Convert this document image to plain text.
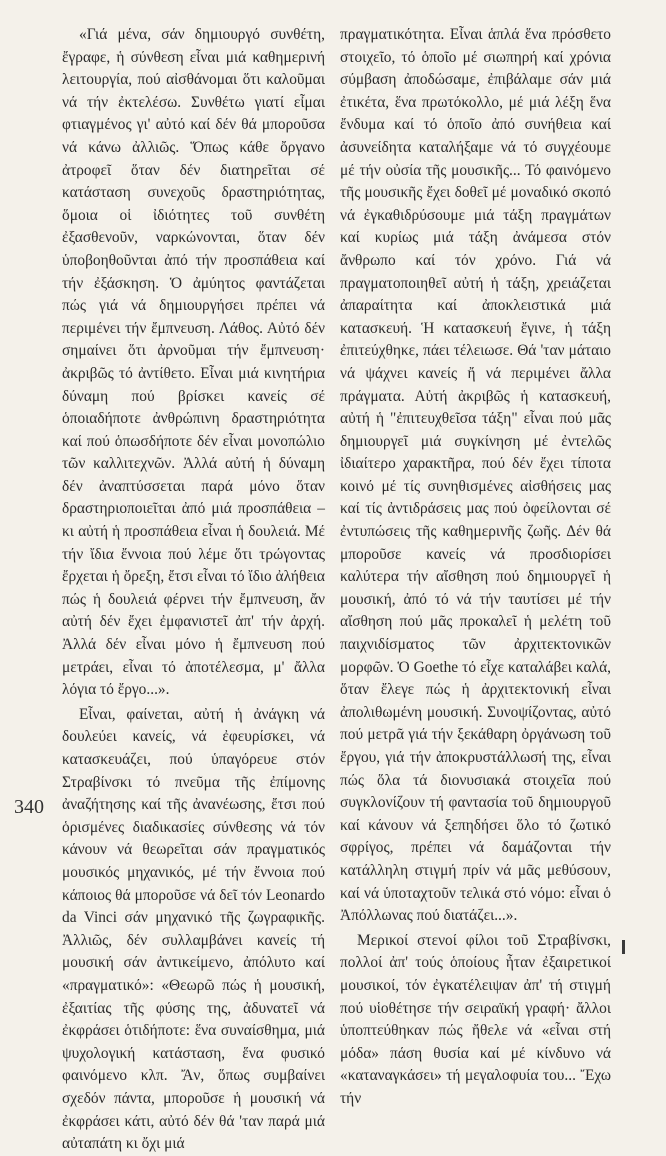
«Γιά μένα, σάν δημιουργό συνθέτη, ἔγραφε, ἡ σύνθεση εἶναι μιά καθημερινή λειτουργία, πού αἰσθάνομαι ὅτι καλοῦμαι νά τήν ἐκτελέσω. Συνθέτω γιατί εἶμαι φτιαγμένος γι' αὐτό καί δέν θά μποροῦσα νά κάνω ἀλλιῶς. Ὅπως κάθε ὄργανο ἀτροφεῖ ὅταν δέν διατηρεῖται σέ κατάσταση συνεχοῦς δραστηριότητας, ὅμοια οἱ ἰδιότητες τοῦ συνθέτη ἐξασθενοῦν, ναρκώνονται, ὅταν δέν ὑποβοηθοῦνται ἀπό τήν προσπάθεια καί τήν ἐξάσκηση. Ὁ ἀμύητος φαντάζεται πώς γιά νά δημιουργήσει πρέπει νά περιμένει τήν ἔμπνευση. Λάθος. Αὐτό δέν σημαίνει ὅτι ἀρνοῦμαι τήν ἔμπνευση· ἀκριβῶς τό ἀντίθετο. Εἶναι μιά κινητήρια δύναμη πού βρίσκει κανείς σέ ὁποιαδήποτε ἀνθρώπινη δραστηριότητα καί πού ὁπωσδήποτε δέν εἶναι μονοπώλιο τῶν καλλιτεχνῶν. Ἀλλά αὐτή ἡ δύναμη δέν ἀναπτύσσεται παρά μόνο ὅταν δραστηριοποιεῖται ἀπό μιά προσπάθεια – κι αὐτή ἡ προσπάθεια εἶναι ἡ δουλειά. Μέ τήν ἴδια ἔννοια πού λέμε ὅτι τρώγοντας ἔρχεται ἡ ὄρεξη, ἔτσι εἶναι τό ἴδιο ἀλήθεια πώς ἡ δουλειά φέρνει τήν ἔμπνευση, ἄν αὐτή δέν ἔχει ἐμφανιστεῖ ἀπ' τήν ἀρχή. Ἀλλά δέν εἶναι μόνο ἡ ἔμπνευση πού μετράει, εἶναι τό ἀποτέλεσμα, μ' ἄλλα λόγια τό ἔργο...».

Εἶναι, φαίνεται, αὐτή ἡ ἀνάγκη νά δουλεύει κανείς, νά ἐφευρίσκει, νά κατασκευάζει, πού ὑπαγόρευε στόν Στραβίνσκι τό πνεῦμα τῆς ἐπίμονης ἀναζήτησης καί τῆς ἀνανέωσης, ἔτσι πού ὁρισμένες διαδικασίες σύνθεσης νά τόν κάνουν νά θεωρεῖται σάν πραγματικός μουσικός μηχανικός, μέ τήν ἔννοια πού κάποιος θά μποροῦσε νά δεῖ τόν Leonardo da Vinci σάν μηχανικό τῆς ζωγραφικῆς. Ἀλλιῶς, δέν συλλαμβάνει κανείς τή μουσική σάν ἀντικείμενο, ἀπόλυτο καί «πραγματικό»: «Θεωρῶ πώς ἡ μουσική, ἐξαιτίας τῆς φύσης της, ἀδυνατεῖ νά ἐκφράσει ὁτιδήποτε: ἕνα συναίσθημα, μιά ψυχολογική κατάσταση, ἕνα φυσικό φαινόμενο κλπ. Ἄν, ὅπως συμβαίνει σχεδόν πάντα, μποροῦσε ἡ μουσική νά ἐκφράσει κάτι, αὐτό δέν θά 'ταν παρά μιά αὐταπάτη κι ὄχι μιά

πραγματικότητα. Εἶναι ἁπλά ἕνα πρόσθετο στοιχεῖο, τό ὁποῖο μέ σιωπηρή καί χρόνια σύμβαση ἀποδώσαμε, ἐπιβάλαμε σάν μιά ἐτικέτα, ἕνα πρωτόκολλο, μέ μιά λέξη ἕνα ἔνδυμα καί τό ὁποῖο ἀπό συνήθεια καί ἀσυνείδητα καταλήξαμε νά τό συγχέουμε μέ τήν οὐσία τῆς μουσικῆς... Τό φαινόμενο τῆς μουσικῆς ἔχει δοθεῖ μέ μοναδικό σκοπό νά ἐγκαθιδρύσουμε μιά τάξη πραγμάτων καί κυρίως μιά τάξη ἀνάμεσα στόν ἄνθρωπο καί τόν χρόνο. Γιά νά πραγματοποιηθεῖ αὐτή ἡ τάξη, χρειάζεται ἀπαραίτητα καί ἀποκλειστικά μιά κατασκευή. Ἡ κατασκευή ἔγινε, ἡ τάξη ἐπιτεύχθηκε, πάει τέλειωσε. Θά 'ταν μάταιο νά ψάχνει κανείς ἤ νά περιμένει ἄλλα πράγματα. Αὐτή ἀκριβῶς ἡ κατασκευή, αὐτή ἡ "ἐπιτευχθεῖσα τάξη" εἶναι πού μᾶς δημιουργεῖ μιά συγκίνηση μέ ἐντελῶς ἰδιαίτερο χαρακτῆρα, πού δέν ἔχει τίποτα κοινό μέ τίς συνηθισμένες αἰσθήσεις μας καί τίς ἀντιδράσεις μας πού ὀφείλονται σέ ἐντυπώσεις τῆς καθημερινῆς ζωῆς. Δέν θά μποροῦσε κανείς νά προσδιορίσει καλύτερα τήν αἴσθηση πού δημιουργεῖ ἡ μουσική, ἀπό τό νά τήν ταυτίσει μέ τήν αἴσθηση πού μᾶς προκαλεῖ ἡ μελέτη τοῦ παιχνιδίσματος τῶν ἀρχιτεκτονικῶν μορφῶν. Ὁ Goethe τό εἶχε καταλάβει καλά, ὅταν ἔλεγε πώς ἡ ἀρχιτεκτονική εἶναι ἀπολιθωμένη μουσική. Συνοψίζοντας, αὐτό πού μετρᾶ γιά τήν ξεκάθαρη ὀργάνωση τοῦ ἔργου, γιά τήν ἀποκρυστάλλωσή της, εἶναι πώς ὅλα τά διονυσιακά στοιχεῖα πού συγκλονίζουν τή φαντασία τοῦ δημιουργοῦ καί κάνουν νά ξεπηδήσει ὅλο τό ζωτικό σφρίγος, πρέπει νά δαμάζονται τήν κατάλληλη στιγμή πρίν νά μᾶς μεθύσουν, καί νά ὑποταχτοῦν τελικά στό νόμο: εἶναι ὁ Ἀπόλλωνας πού διατάζει...».

Μερικοί στενοί φίλοι τοῦ Στραβίνσκι, πολλοί ἀπ' τούς ὁποίους ἦταν ἐξαιρετικοί μουσικοί, τόν ἐγκατέλειψαν ἀπ' τή στιγμή πού υἱοθέτησε τήν σειραϊκή γραφή· ἄλλοι ὑποπτεύθηκαν πώς ἤθελε νά «εἶναι στή μόδα» πάση θυσία καί μέ κίνδυνο νά «καταναγκάσει» τή μεγαλοφυία του... Ἔχω τήν

340
